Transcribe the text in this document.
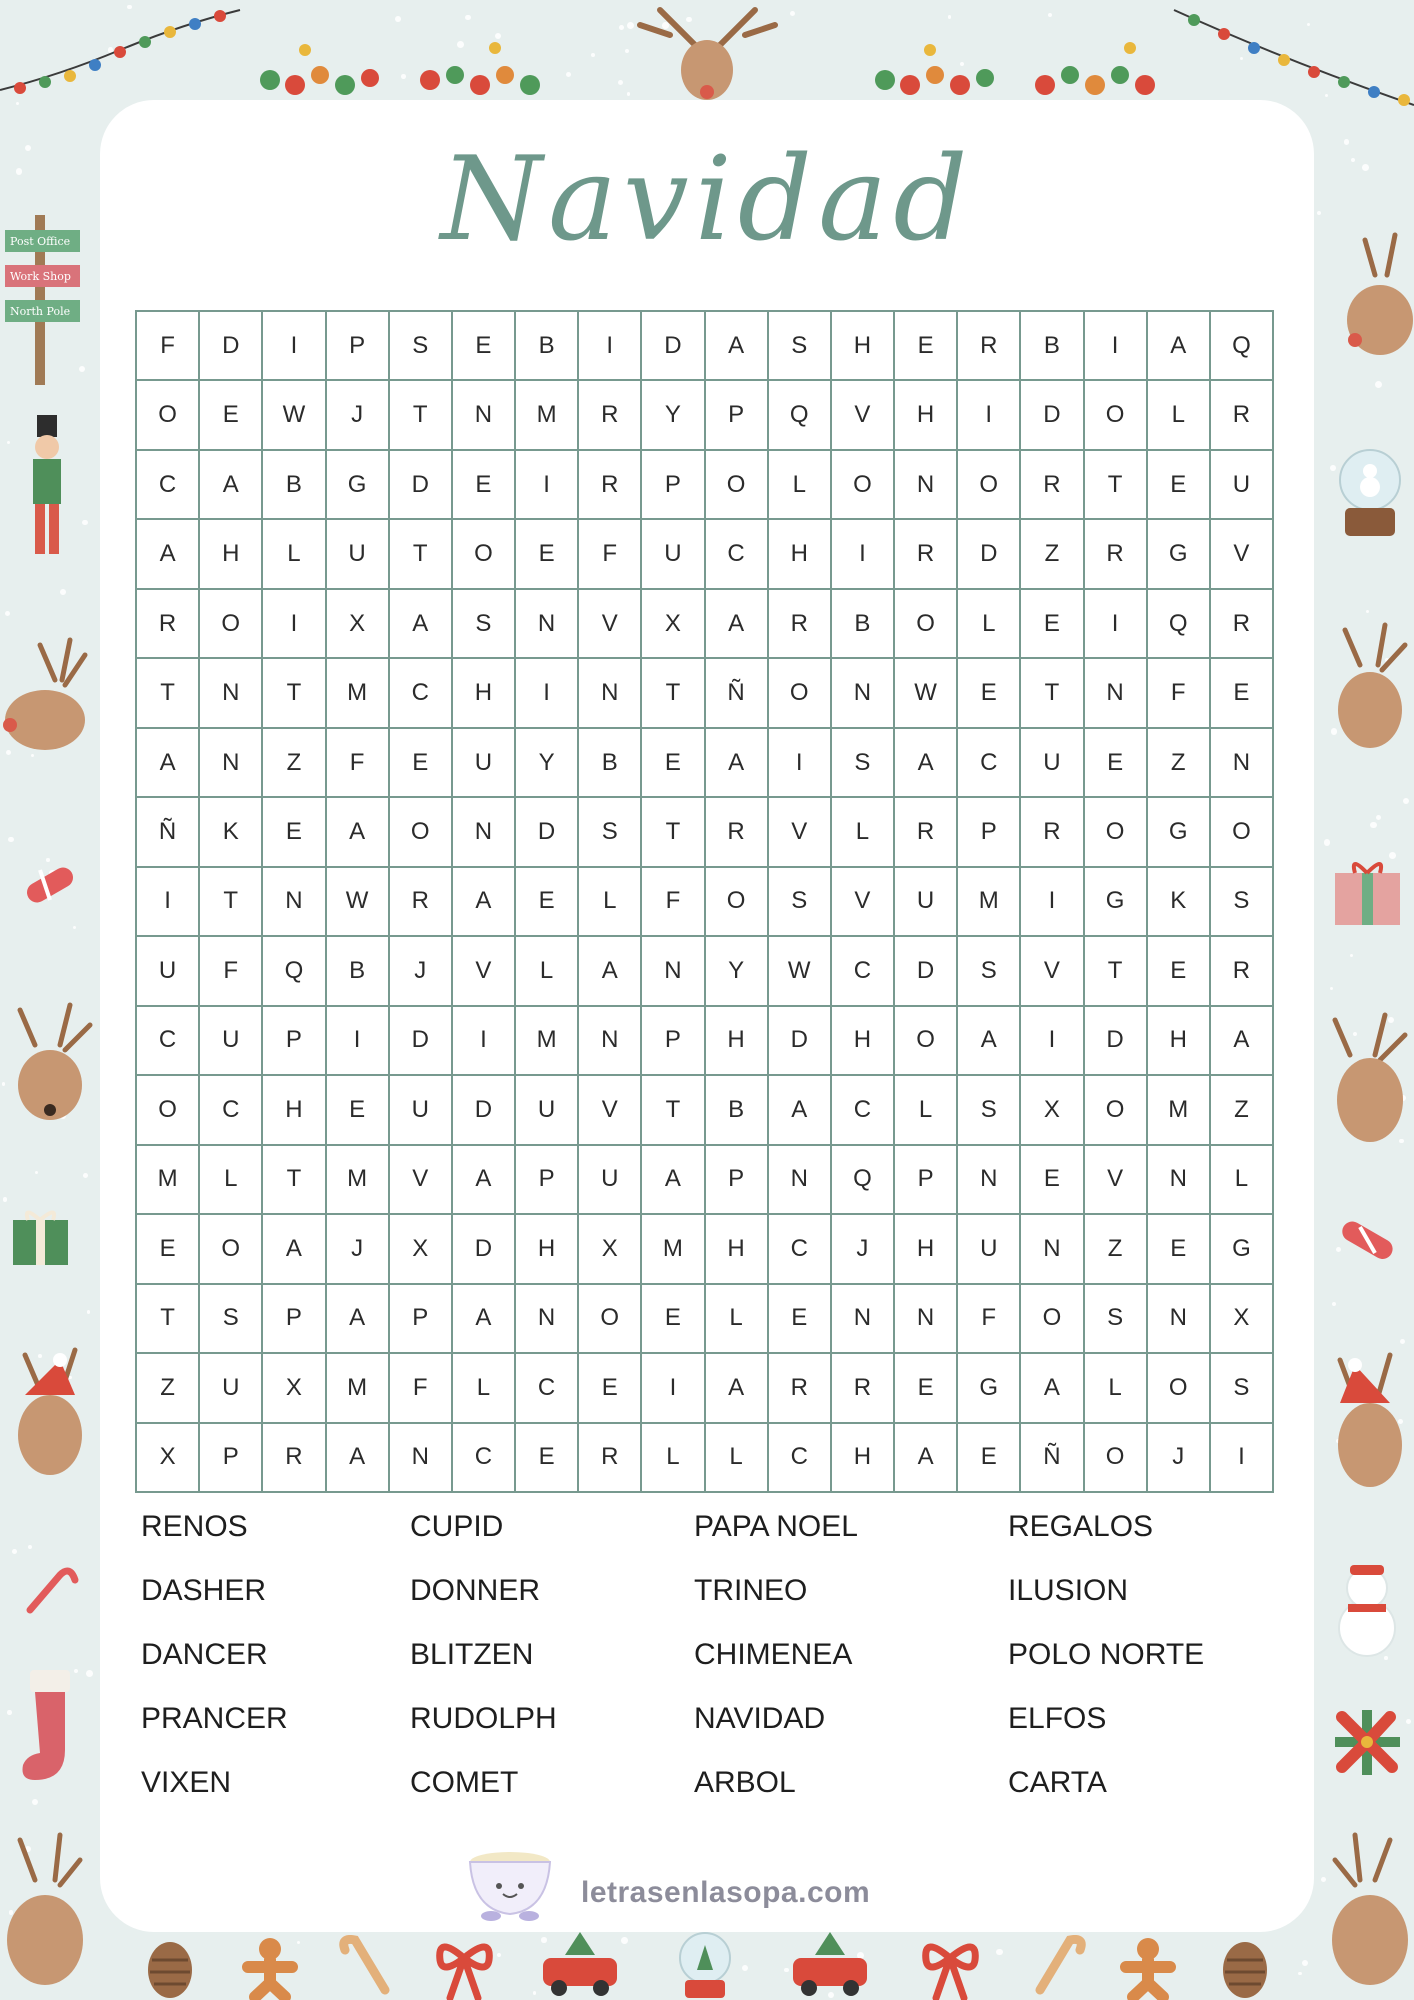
Post Office
Work Shop
North Pole
Navidad
F	D	I	P	S	E	B	I	D	A	S	H	E	R	B	I	A	Q
O	E	W	J	T	N	M	R	Y	P	Q	V	H	I	D	O	L	R
C	A	B	G	D	E	I	R	P	O	L	O	N	O	R	T	E	U
A	H	L	U	T	O	E	F	U	C	H	I	R	D	Z	R	G	V
R	O	I	X	A	S	N	V	X	A	R	B	O	L	E	I	Q	R
T	N	T	M	C	H	I	N	T	Ñ	O	N	W	E	T	N	F	E
A	N	Z	F	E	U	Y	B	E	A	I	S	A	C	U	E	Z	N
Ñ	K	E	A	O	N	D	S	T	R	V	L	R	P	R	O	G	O
I	T	N	W	R	A	E	L	F	O	S	V	U	M	I	G	K	S
U	F	Q	B	J	V	L	A	N	Y	W	C	D	S	V	T	E	R
C	U	P	I	D	I	M	N	P	H	D	H	O	A	I	D	H	A
O	C	H	E	U	D	U	V	T	B	A	C	L	S	X	O	M	Z
M	L	T	M	V	A	P	U	A	P	N	Q	P	N	E	V	N	L
E	O	A	J	X	D	H	X	M	H	C	J	H	U	N	Z	E	G
T	S	P	A	P	A	N	O	E	L	E	N	N	F	O	S	N	X
Z	U	X	M	F	L	C	E	I	A	R	R	E	G	A	L	O	S
X	P	R	A	N	C	E	R	L	L	C	H	A	E	Ñ	O	J	I
RENOS
DASHER
DANCER
PRANCER
VIXEN
CUPID
DONNER
BLITZEN
RUDOLPH
COMET
PAPA NOEL
TRINEO
CHIMENEA
NAVIDAD
ARBOL
REGALOS
ILUSION
POLO NORTE
ELFOS
CARTA
letrasenlasopa.com
